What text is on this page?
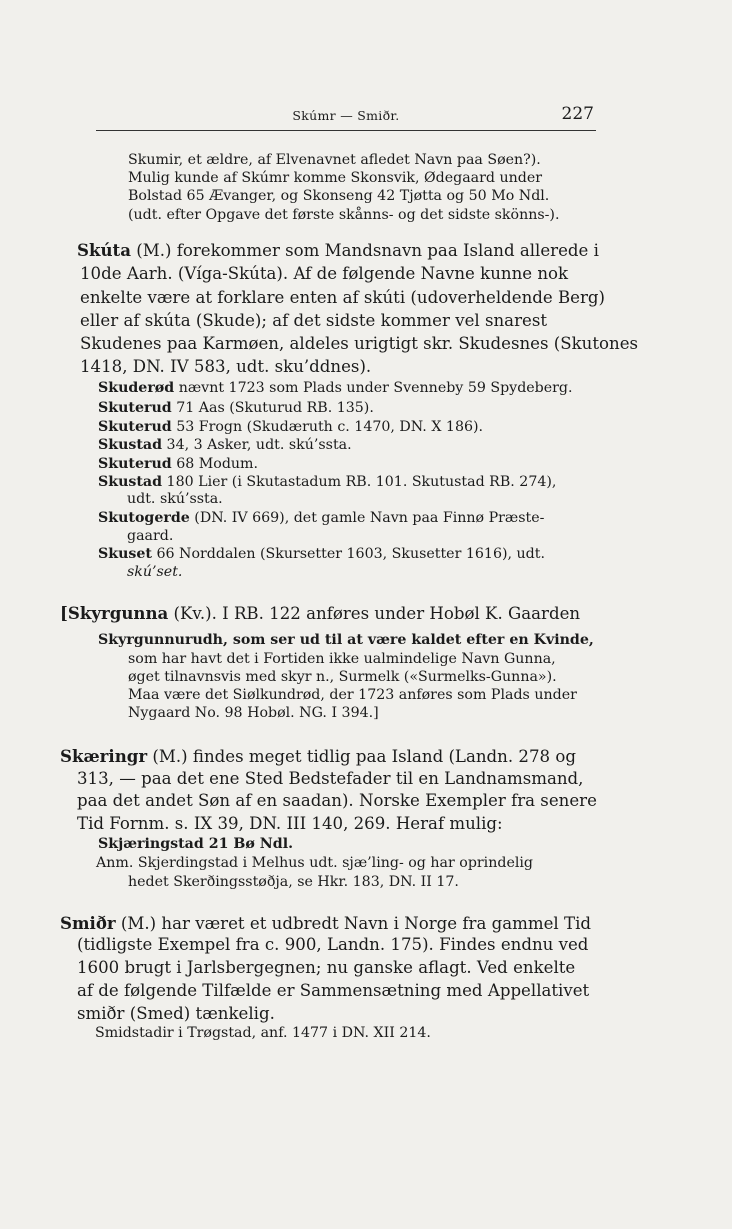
Skúmr — Smiðr.	227
Skumir, et ældre, af Elvenavnet afledet Navn paa Søen?).
Mulig kunde af Skúmr komme Skonsvik, Ødegaard under
Bolstad 65 Ævanger, og Skonseng 42 Tjøtta og 50 Mo Ndl.
(udt. efter Opgave det første skånns- og det sidste skönns-).
Skúta (M.) forekommer som Mandsnavn paa Island allerede i
10de Aarh. (Víga-Skúta). Af de følgende Navne kunne nok
enkelte være at forklare enten af skúti (udoverheldende Berg)
eller af skúta (Skude); af det sidste kommer vel snarest
Skudenes paa Karmøen, aldeles urigtigt skr. Skudesnes (Skutones
1418, DN. IV 583, udt. sku’ddnes).
Skuderød nævnt 1723 som Plads under Svenneby 59 Spydeberg.
Skuterud 71 Aas (Skuturud RB. 135).
Skuterud 53 Frogn (Skudæruth c. 1470, DN. X 186).
Skustad 34, 3 Asker, udt. skú’ssta.
Skuterud 68 Modum.
Skustad 180 Lier (i Skutastadum RB. 101. Skutustad RB. 274),
udt. skú’ssta.
Skutogerde (DN. IV 669), det gamle Navn paa Finnø Præste-
gaard.
Skuset 66 Norddalen (Skursetter 1603, Skusetter 1616), udt.
skú’set.
[Skyrgunna (Kv.). I RB. 122 anføres under Hobøl K. Gaarden
Skyrgunnurudh, som ser ud til at være kaldet efter en Kvinde,
som har havt det i Fortiden ikke ualmindelige Navn Gunna,
øget tilnavnsvis med skyr n., Surmelk («Surmelks-Gunna»).
Maa være det Siølkundrød, der 1723 anføres som Plads under
Nygaard No. 98 Hobøl. NG. I 394.]
Skæringr (M.) findes meget tidlig paa Island (Landn. 278 og
313, — paa det ene Sted Bedstefader til en Landnamsmand,
paa det andet Søn af en saadan). Norske Exempler fra senere
Tid Fornm. s. IX 39, DN. III 140, 269. Heraf mulig:
Skjæringstad 21 Bø Ndl.
Anm. Skjerdingstad i Melhus udt. sjæ’ling- og har oprindelig
hedet Skerðingsstøðja, se Hkr. 183, DN. II 17.
Smiðr (M.) har været et udbredt Navn i Norge fra gammel Tid
(tidligste Exempel fra c. 900, Landn. 175). Findes endnu ved
1600 brugt i Jarlsbergegnen; nu ganske aflagt. Ved enkelte
af de følgende Tilfælde er Sammensætning med Appellativet
smiðr (Smed) tænkelig.
Smidstadir i Trøgstad, anf. 1477 i DN. XII 214.
